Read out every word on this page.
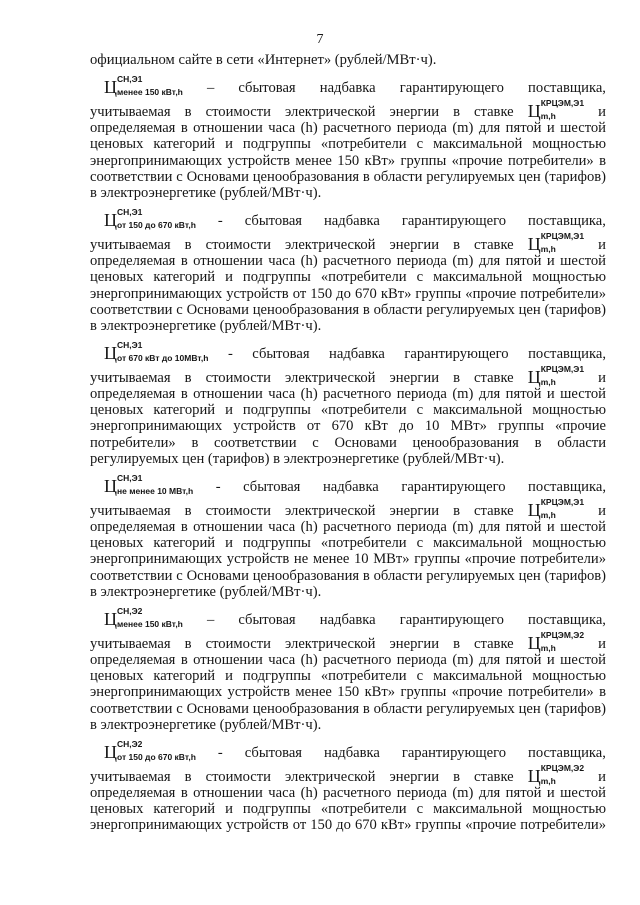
7
официальном сайте в сети «Интернет» (рублей/МВт·ч).
Ц СН,Э1
менее 150 кВт,h – сбытовая надбавка гарантирующего поставщика,
учитываемая в стоимости электрической энергии в ставке Ц КРЦЭМ,Э1
m,h	и
определяемая в отношении часа (h) расчетного периода (m) для пятой и шестой
ценовых категорий и подгруппы «потребители с максимальной мощностью
энергопринимающих устройств менее 150 кВт» группы «прочие потребители» в
соответствии с Основами ценообразования в области регулируемых цен (тарифов)
в электроэнергетике (рублей/МВт·ч).
Ц СН,Э1
от 150 до 670 кВт,h - сбытовая надбавка гарантирующего поставщика,
учитываемая в стоимости электрической энергии в ставке Ц КРЦЭМ,Э1
m,h	и
определяемая в отношении часа (h) расчетного периода (m) для пятой и шестой
ценовых категорий и подгруппы «потребители с максимальной мощностью
энергопринимающих устройств от 150 до 670 кВт» группы «прочие потребители»
соответствии с Основами ценообразования в области регулируемых цен (тарифов)
в электроэнергетике (рублей/МВт·ч).
Ц СН,Э1
от 670 кВт до 10МВт,h - сбытовая надбавка гарантирующего поставщика,
учитываемая в стоимости электрической энергии в ставке Ц КРЦЭМ,Э1
m,h	и
определяемая в отношении часа (h) расчетного периода (m) для пятой и шестой
ценовых категорий и подгруппы «потребители с максимальной мощностью
энергопринимающих устройств от 670 кВт до 10 МВт» группы «прочие
потребители» в соответствии с Основами ценообразования в области
регулируемых цен (тарифов) в электроэнергетике (рублей/МВт·ч).
Ц СН,Э1
не менее 10 МВт,h - сбытовая надбавка гарантирующего поставщика,
учитываемая в стоимости электрической энергии в ставке Ц КРЦЭМ,Э1
m,h	и
определяемая в отношении часа (h) расчетного периода (m) для пятой и шестой
ценовых категорий и подгруппы «потребители с максимальной мощностью
энергопринимающих устройств не менее 10 МВт» группы «прочие потребители»
соответствии с Основами ценообразования в области регулируемых цен (тарифов)
в электроэнергетике (рублей/МВт·ч).
Ц СН,Э2
менее 150 кВт,h – сбытовая надбавка гарантирующего поставщика,
учитываемая в стоимости электрической энергии в ставке Ц КРЦЭМ,Э2
m,h	и
определяемая в отношении часа (h) расчетного периода (m) для пятой и шестой
ценовых категорий и подгруппы «потребители с максимальной мощностью
энергопринимающих устройств менее 150 кВт» группы «прочие потребители» в
соответствии с Основами ценообразования в области регулируемых цен (тарифов)
в электроэнергетике (рублей/МВт·ч).
Ц СН,Э2
от 150 до 670 кВт,h - сбытовая надбавка гарантирующего поставщика,
учитываемая в стоимости электрической энергии в ставке Ц КРЦЭМ,Э2
m,h	и
определяемая в отношении часа (h) расчетного периода (m) для пятой и шестой
ценовых категорий и подгруппы «потребители с максимальной мощностью
энергопринимающих устройств от 150 до 670 кВт» группы «прочие потребители»
